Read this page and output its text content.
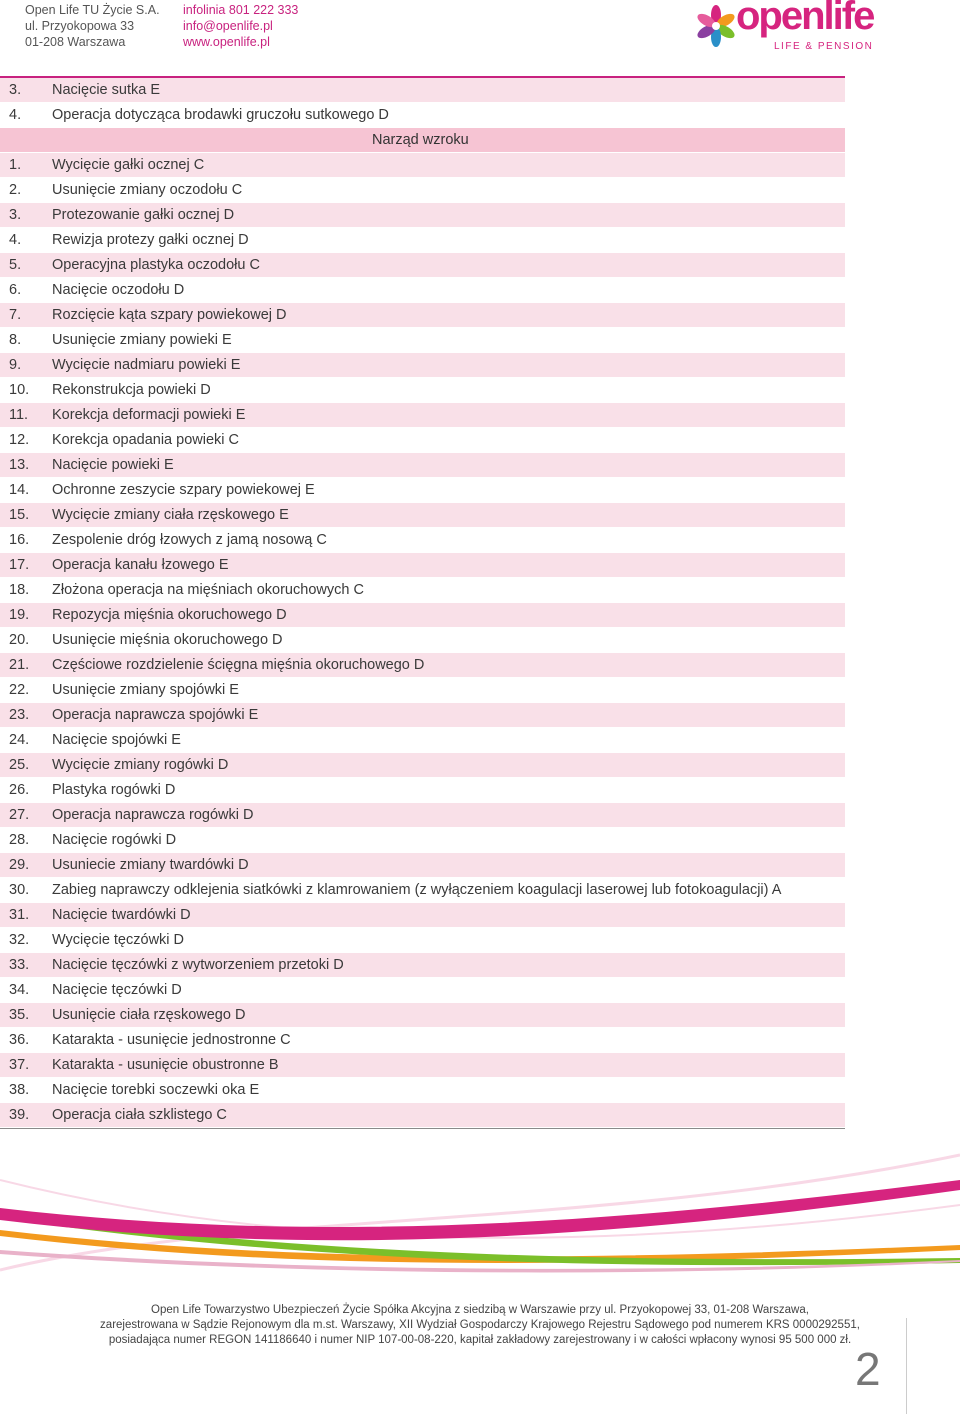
Open Life TU Życie S.A.
ul. Przyokopowa 33
01-208 Warszawa
infolinia 801 222 333
info@openlife.pl
www.openlife.pl
openlife
LIFE & PENSION
3. Nacięcie sutka E
4. Operacja dotycząca brodawki gruczołu sutkowego D
Narząd wzroku
1. Wycięcie gałki ocznej C
2. Usunięcie zmiany oczodołu C
3. Protezowanie gałki ocznej D
4. Rewizja protezy gałki ocznej D
5. Operacyjna plastyka oczodołu C
6. Nacięcie oczodołu D
7. Rozcięcie kąta szpary powiekowej D
8. Usunięcie zmiany powieki E
9. Wycięcie nadmiaru powieki E
10. Rekonstrukcja powieki D
11. Korekcja deformacji powieki E
12. Korekcja opadania powieki C
13. Nacięcie powieki E
14. Ochronne zeszycie szpary powiekowej E
15. Wycięcie zmiany ciała rzęskowego E
16. Zespolenie dróg łzowych z jamą nosową C
17. Operacja kanału łzowego E
18. Złożona operacja na mięśniach okoruchowych C
19. Repozycja mięśnia okoruchowego D
20. Usunięcie mięśnia okoruchowego D
21. Częściowe rozdzielenie ścięgna mięśnia okoruchowego D
22. Usunięcie zmiany spojówki E
23. Operacja naprawcza spojówki E
24. Nacięcie spojówki E
25. Wycięcie zmiany rogówki D
26. Plastyka rogówki D
27. Operacja naprawcza rogówki D
28. Nacięcie rogówki D
29. Usuniecie zmiany twardówki D
30. Zabieg naprawczy odklejenia siatkówki z klamrowaniem (z wyłączeniem koagulacji laserowej lub fotokoagulacji) A
31. Nacięcie twardówki D
32. Wycięcie tęczówki D
33. Nacięcie tęczówki z wytworzeniem przetoki D
34. Nacięcie tęczówki D
35. Usunięcie ciała rzęskowego D
36. Katarakta - usunięcie jednostronne C
37. Katarakta - usunięcie obustronne B
38. Nacięcie torebki soczewki oka E
39. Operacja ciała szklistego C
Open Life Towarzystwo Ubezpieczeń Życie Spółka Akcyjna z siedzibą w Warszawie przy ul. Przyokopowej 33, 01-208 Warszawa,
zarejestrowana w Sądzie Rejonowym dla m.st. Warszawy, XII Wydział Gospodarczy Krajowego Rejestru Sądowego pod numerem KRS 0000292551,
posiadająca numer REGON 141186640 i numer NIP 107-00-08-220, kapitał zakładowy zarejestrowany i w całości wpłacony wynosi 95 500 000 zł.
2
